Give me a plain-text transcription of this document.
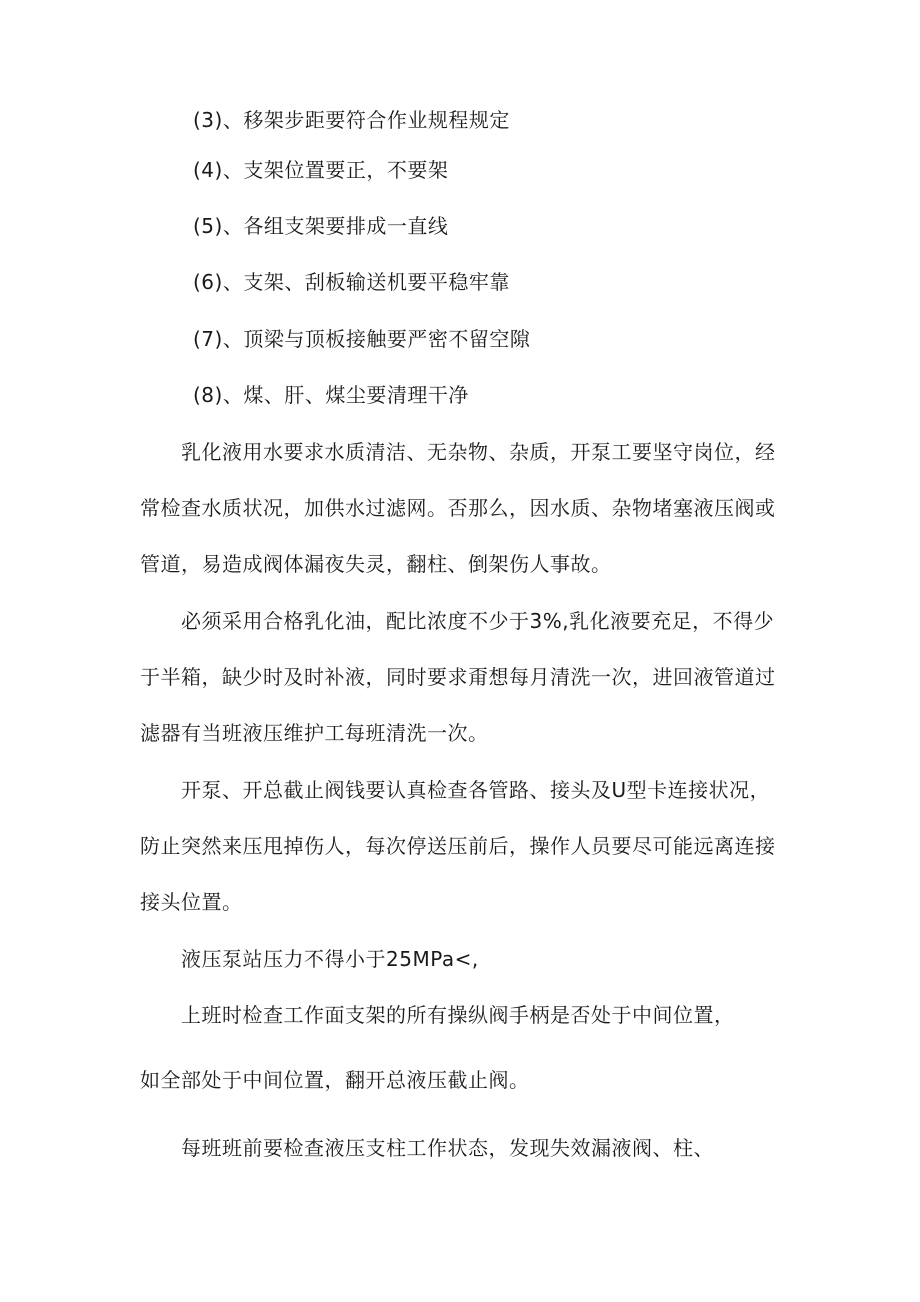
(3)、移架步距要符合作业规程规定
(4)、支架位置要正，不要架
(5)、各组支架要排成一直线
(6)、支架、刮板输送机要平稳牢靠
(7)、顶梁与顶板接触要严密不留空隙
(8)、煤、肝、煤尘要清理干净
乳化液用水要求水质清洁、无杂物、杂质，开泵工要坚守岗位，经
常检查水质状况，加供水过滤网。否那么，因水质、杂物堵塞液压阀或
管道，易造成阀体漏夜失灵，翻柱、倒架伤人事故。
必须采用合格乳化油，配比浓度不少于3%,乳化液要充足，不得少
于半箱，缺少时及时补液，同时要求甭想每月清洗一次，进回液管道过
滤器有当班液压维护工每班清洗一次。
开泵、开总截止阀钱要认真检查各管路、接头及U型卡连接状况，
防止突然来压甩掉伤人，每次停送压前后，操作人员要尽可能远离连接
接头位置。
液压泵站压力不得小于25MPa<,
上班时检查工作面支架的所有操纵阀手柄是否处于中间位置，
如全部处于中间位置，翻开总液压截止阀。
每班班前要检查液压支柱工作状态，发现失效漏液阀、柱、
